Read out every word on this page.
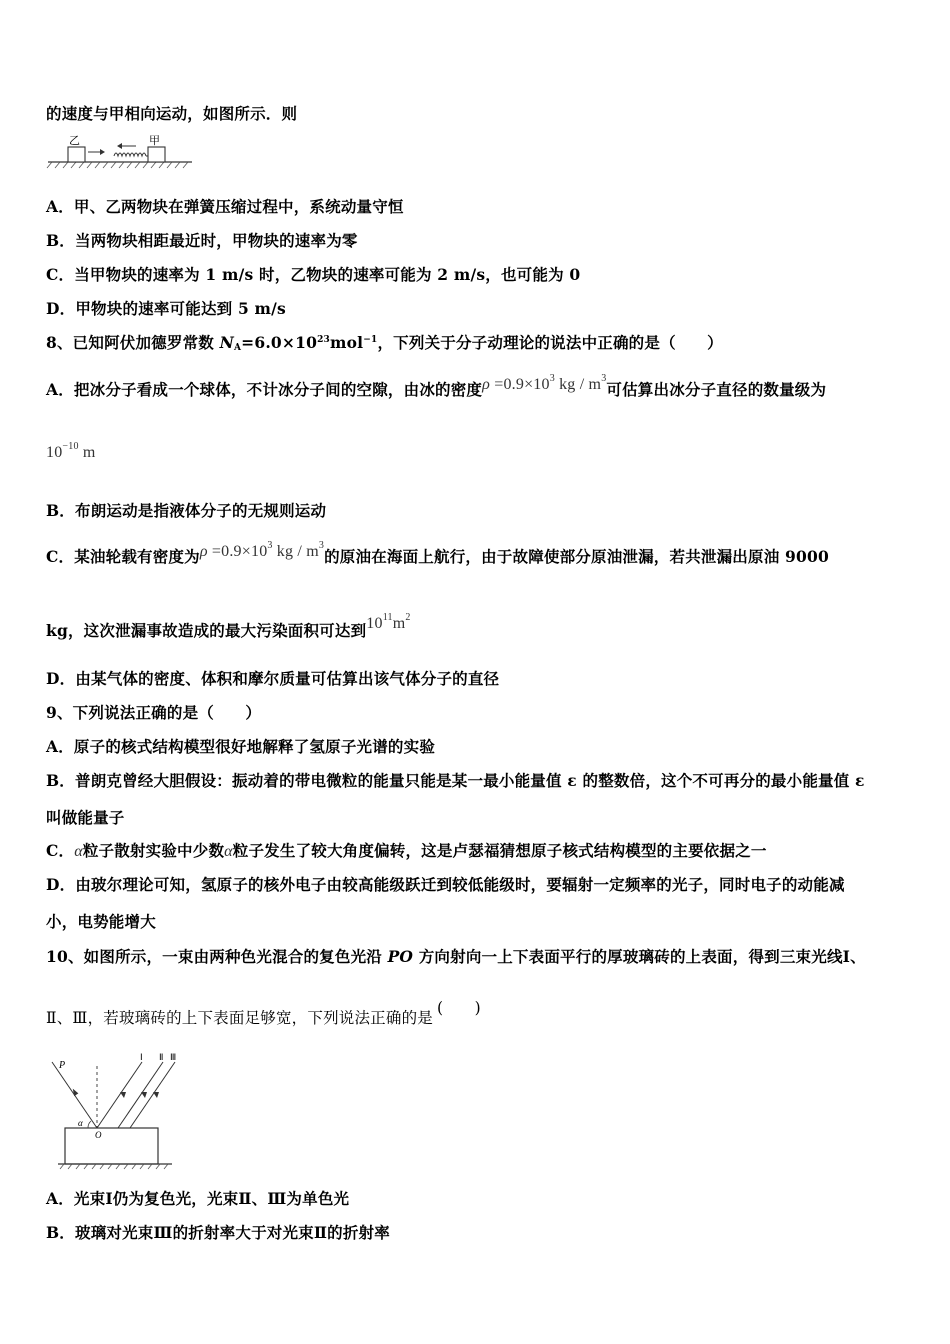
的速度与甲相向运动，如图所示．则
乙	甲
A．甲、乙两物块在弹簧压缩过程中，系统动量守恒
B．当两物块相距最近时，甲物块的速率为零
C．当甲物块的速率为 1 m/s 时，乙物块的速率可能为 2 m/s，也可能为 0
D．甲物块的速率可能达到 5 m/s
8、已知阿伏加德罗常数 $N_A=6.0\times 10^{23}mol^{-1}$，下列关于分子动理论的说法中正确的是（　　）
A．把冰分子看成一个球体，不计冰分子间的空隙，由冰的密度$\rho =0.9\times 10^3$ kg / $m^3$可估算出冰分子直径的数量级为
$10^{-10}$ m
B．布朗运动是指液体分子的无规则运动
C．某油轮载有密度为$\rho =0.9\times 10^3$ kg / $m^3$的原油在海面上航行，由于故障使部分原油泄漏，若共泄漏出原油 9000
kg，这次泄漏事故造成的最大污染面积可达到$10^{11}m^2$
D．由某气体的密度、体积和摩尔质量可估算出该气体分子的直径
9、下列说法正确的是（　　）
A．原子的核式结构模型很好地解释了氢原子光谱的实验
B．普朗克曾经大胆假设：振动着的带电微粒的能量只能是某一最小能量值 ε 的整数倍，这个不可再分的最小能量值 ε
叫做能量子
C．α粒子散射实验中少数α粒子发生了较大角度偏转，这是卢瑟福猜想原子核式结构模型的主要依据之一
D．由玻尔理论可知，氢原子的核外电子由较高能级跃迁到较低能级时，要辐射一定频率的光子，同时电子的动能减
小，电势能增大
10、如图所示，一束由两种色光混合的复色光沿 PO 方向射向一上下表面平行的厚玻璃砖的上表面，得到三束光线Ⅰ、
Ⅱ、Ⅲ，若玻璃砖的上下表面足够宽，下列说法正确的是(　　)
P
α
O
Ⅰ Ⅱ Ⅲ
A．光束Ⅰ仍为复色光，光束Ⅱ、Ⅲ为单色光
B．玻璃对光束Ⅲ的折射率大于对光束Ⅱ的折射率
